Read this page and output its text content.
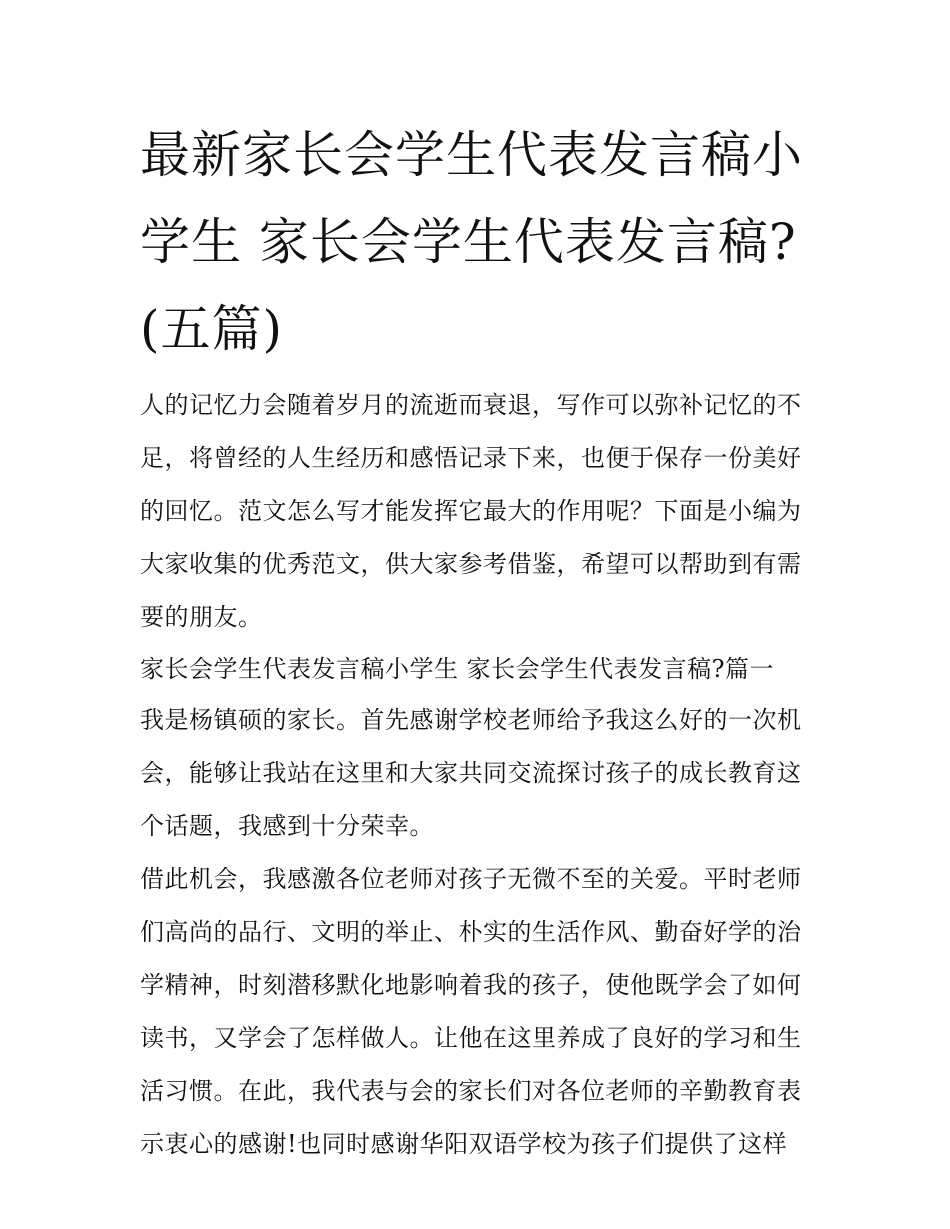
最新家长会学生代表发言稿小学生 家长会学生代表发言稿?(五篇)

人的记忆力会随着岁月的流逝而衰退，写作可以弥补记忆的不足，将曾经的人生经历和感悟记录下来，也便于保存一份美好的回忆。范文怎么写才能发挥它最大的作用呢？下面是小编为大家收集的优秀范文，供大家参考借鉴，希望可以帮助到有需要的朋友。

家长会学生代表发言稿小学生 家长会学生代表发言稿?篇一

我是杨镇硕的家长。首先感谢学校老师给予我这么好的一次机会，能够让我站在这里和大家共同交流探讨孩子的成长教育这个话题，我感到十分荣幸。

借此机会，我感激各位老师对孩子无微不至的关爱。平时老师们高尚的品行、文明的举止、朴实的生活作风、勤奋好学的治学精神，时刻潜移默化地影响着我的孩子，使他既学会了如何读书，又学会了怎样做人。让他在这里养成了良好的学习和生活习惯。在此，我代表与会的家长们对各位老师的辛勤教育表示衷心的感谢!也同时感谢华阳双语学校为孩子们提供了这样
